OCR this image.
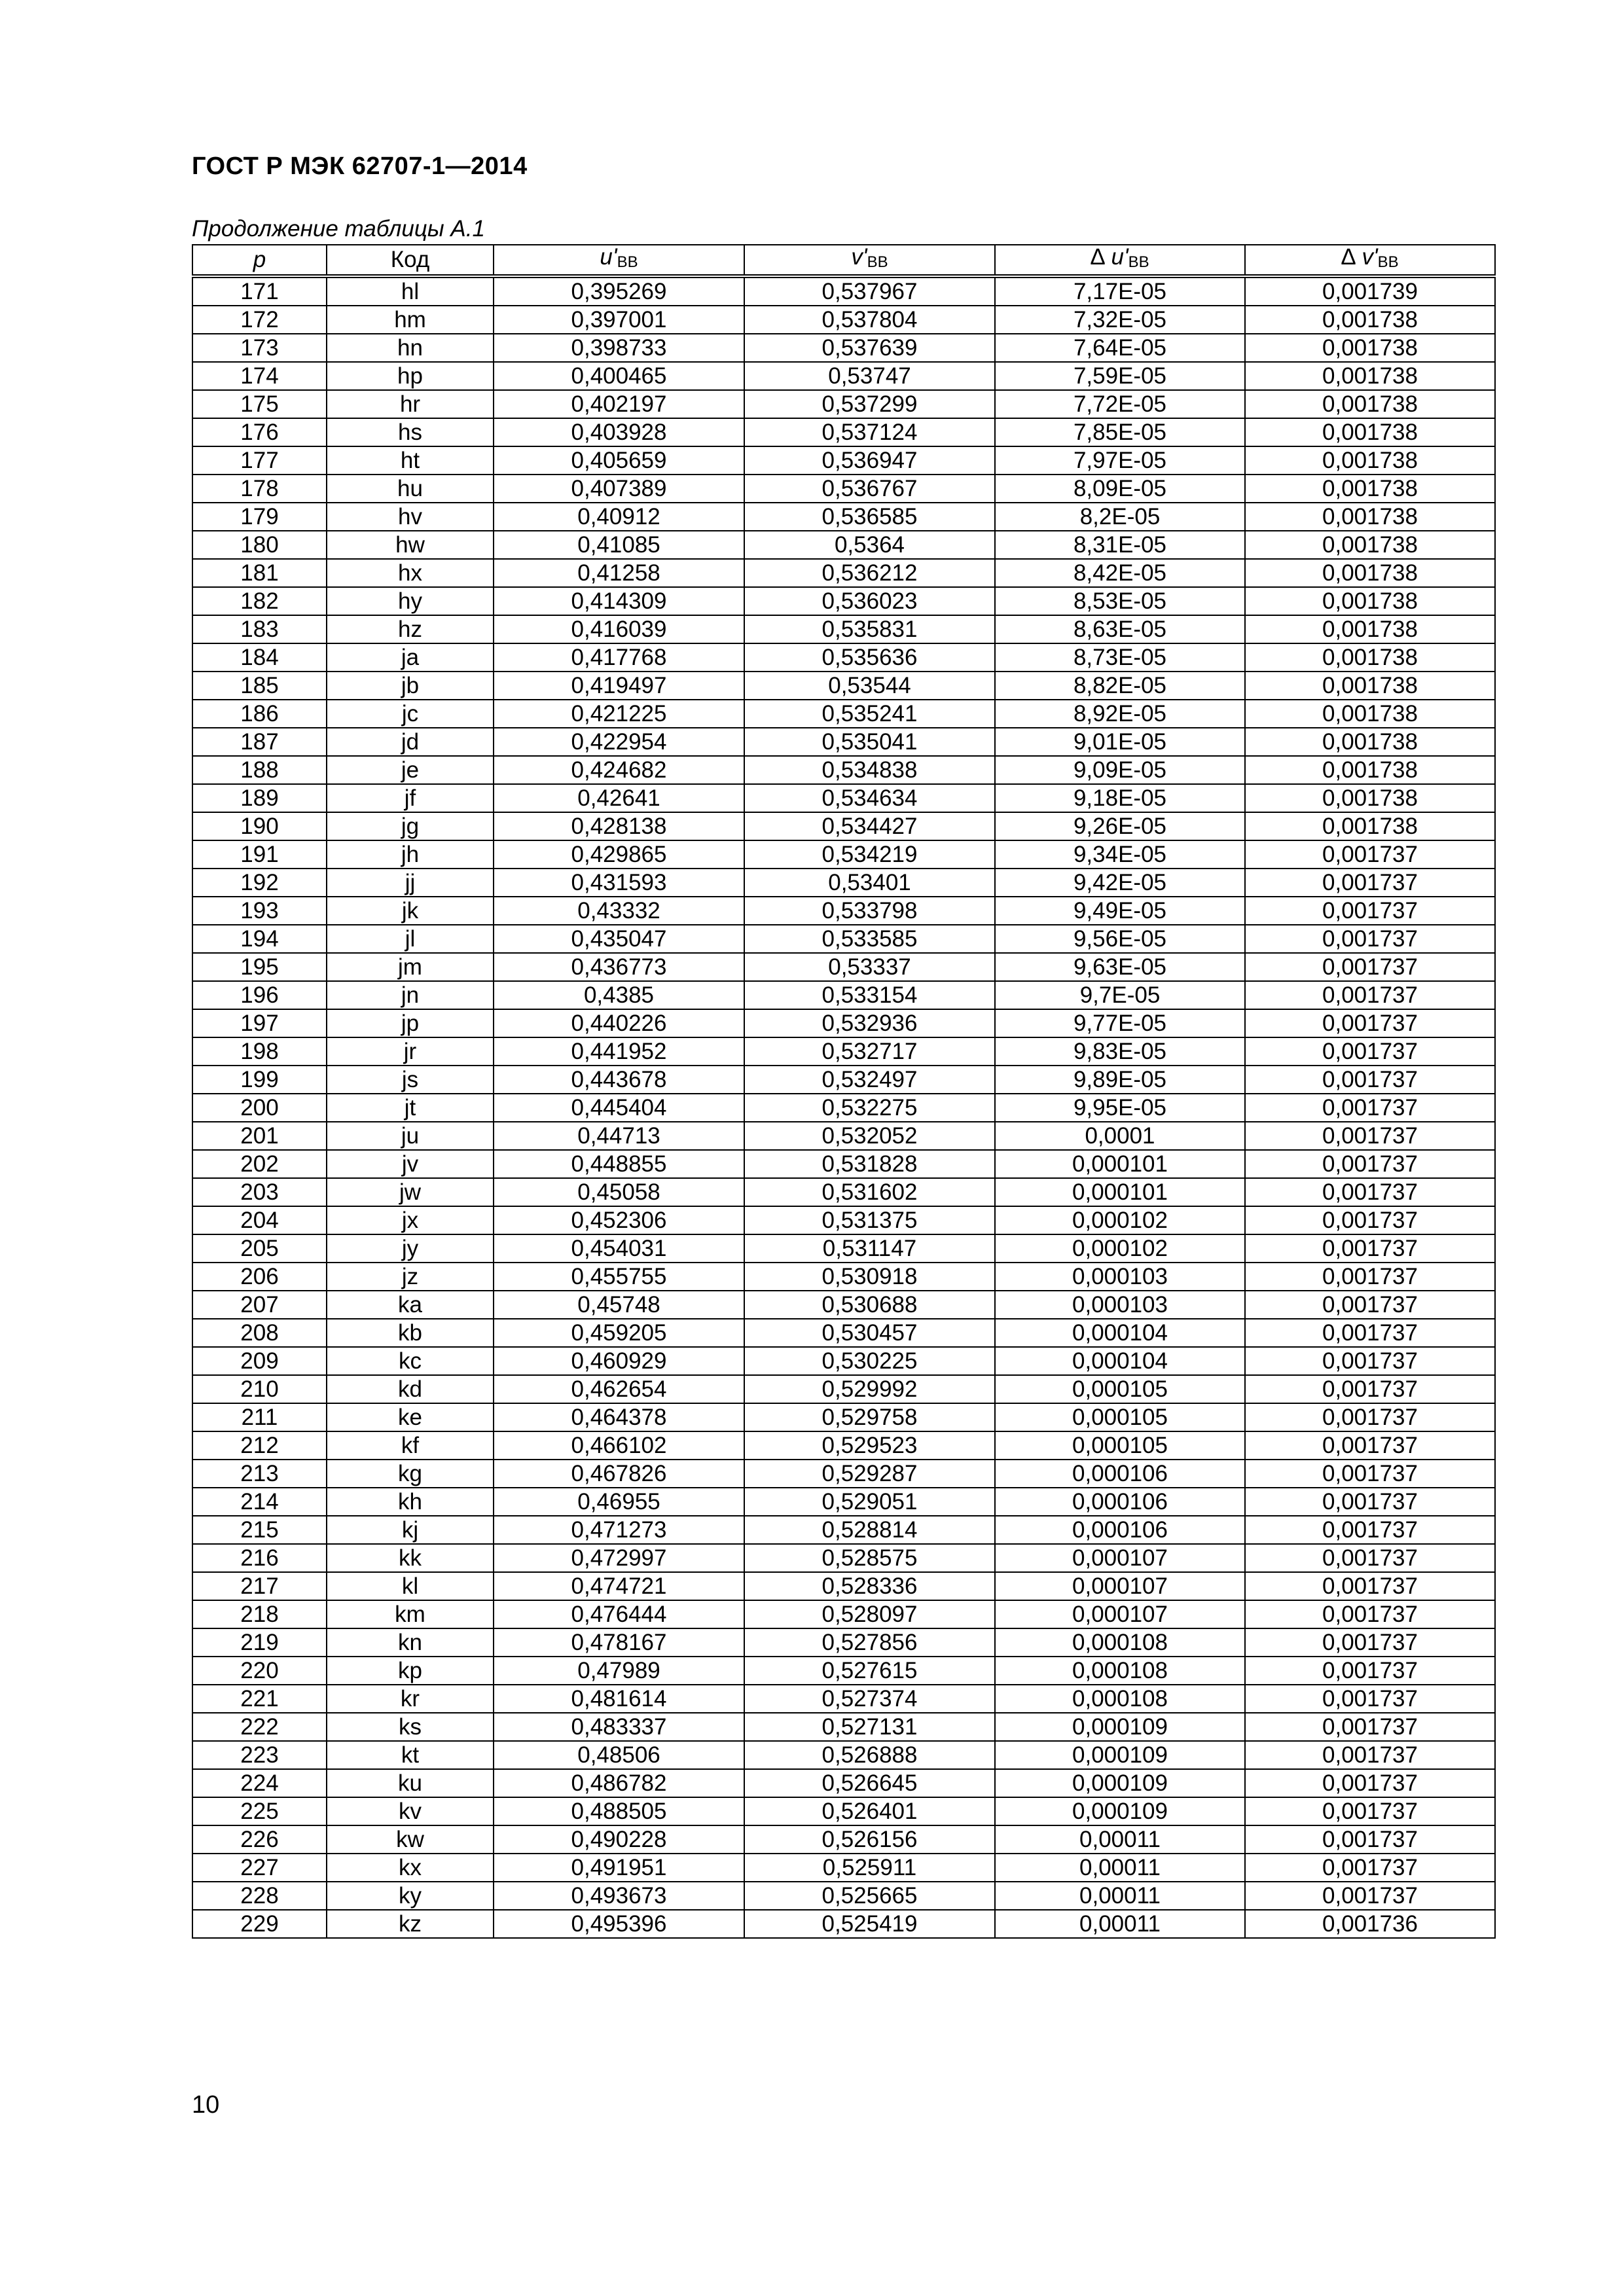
ГОСТ Р МЭК 62707-1—2014
Продолжение таблицы А.1
p	Код	$u'_{BB}$	$v'_{BB}$	∆ $u'_{BB}$	∆ $v'_{BB}$
171	hl	0,395269	0,537967	7,17E-05	0,001739
172	hm	0,397001	0,537804	7,32E-05	0,001738
173	hn	0,398733	0,537639	7,64E-05	0,001738
174	hp	0,400465	0,53747	7,59E-05	0,001738
175	hr	0,402197	0,537299	7,72E-05	0,001738
176	hs	0,403928	0,537124	7,85E-05	0,001738
177	ht	0,405659	0,536947	7,97E-05	0,001738
178	hu	0,407389	0,536767	8,09E-05	0,001738
179	hv	0,40912	0,536585	8,2E-05	0,001738
180	hw	0,41085	0,5364	8,31E-05	0,001738
181	hx	0,41258	0,536212	8,42E-05	0,001738
182	hy	0,414309	0,536023	8,53E-05	0,001738
183	hz	0,416039	0,535831	8,63E-05	0,001738
184	ja	0,417768	0,535636	8,73E-05	0,001738
185	jb	0,419497	0,53544	8,82E-05	0,001738
186	jc	0,421225	0,535241	8,92E-05	0,001738
187	jd	0,422954	0,535041	9,01E-05	0,001738
188	je	0,424682	0,534838	9,09E-05	0,001738
189	jf	0,42641	0,534634	9,18E-05	0,001738
190	jg	0,428138	0,534427	9,26E-05	0,001738
191	jh	0,429865	0,534219	9,34E-05	0,001737
192	jj	0,431593	0,53401	9,42E-05	0,001737
193	jk	0,43332	0,533798	9,49E-05	0,001737
194	jl	0,435047	0,533585	9,56E-05	0,001737
195	jm	0,436773	0,53337	9,63E-05	0,001737
196	jn	0,4385	0,533154	9,7E-05	0,001737
197	jp	0,440226	0,532936	9,77E-05	0,001737
198	jr	0,441952	0,532717	9,83E-05	0,001737
199	js	0,443678	0,532497	9,89E-05	0,001737
200	jt	0,445404	0,532275	9,95E-05	0,001737
201	ju	0,44713	0,532052	0,0001	0,001737
202	jv	0,448855	0,531828	0,000101	0,001737
203	jw	0,45058	0,531602	0,000101	0,001737
204	jx	0,452306	0,531375	0,000102	0,001737
205	jy	0,454031	0,531147	0,000102	0,001737
206	jz	0,455755	0,530918	0,000103	0,001737
207	ka	0,45748	0,530688	0,000103	0,001737
208	kb	0,459205	0,530457	0,000104	0,001737
209	kc	0,460929	0,530225	0,000104	0,001737
210	kd	0,462654	0,529992	0,000105	0,001737
211	ke	0,464378	0,529758	0,000105	0,001737
212	kf	0,466102	0,529523	0,000105	0,001737
213	kg	0,467826	0,529287	0,000106	0,001737
214	kh	0,46955	0,529051	0,000106	0,001737
215	kj	0,471273	0,528814	0,000106	0,001737
216	kk	0,472997	0,528575	0,000107	0,001737
217	kl	0,474721	0,528336	0,000107	0,001737
218	km	0,476444	0,528097	0,000107	0,001737
219	kn	0,478167	0,527856	0,000108	0,001737
220	kp	0,47989	0,527615	0,000108	0,001737
221	kr	0,481614	0,527374	0,000108	0,001737
222	ks	0,483337	0,527131	0,000109	0,001737
223	kt	0,48506	0,526888	0,000109	0,001737
224	ku	0,486782	0,526645	0,000109	0,001737
225	kv	0,488505	0,526401	0,000109	0,001737
226	kw	0,490228	0,526156	0,00011	0,001737
227	kx	0,491951	0,525911	0,00011	0,001737
228	ky	0,493673	0,525665	0,00011	0,001737
229	kz	0,495396	0,525419	0,00011	0,001736
10
